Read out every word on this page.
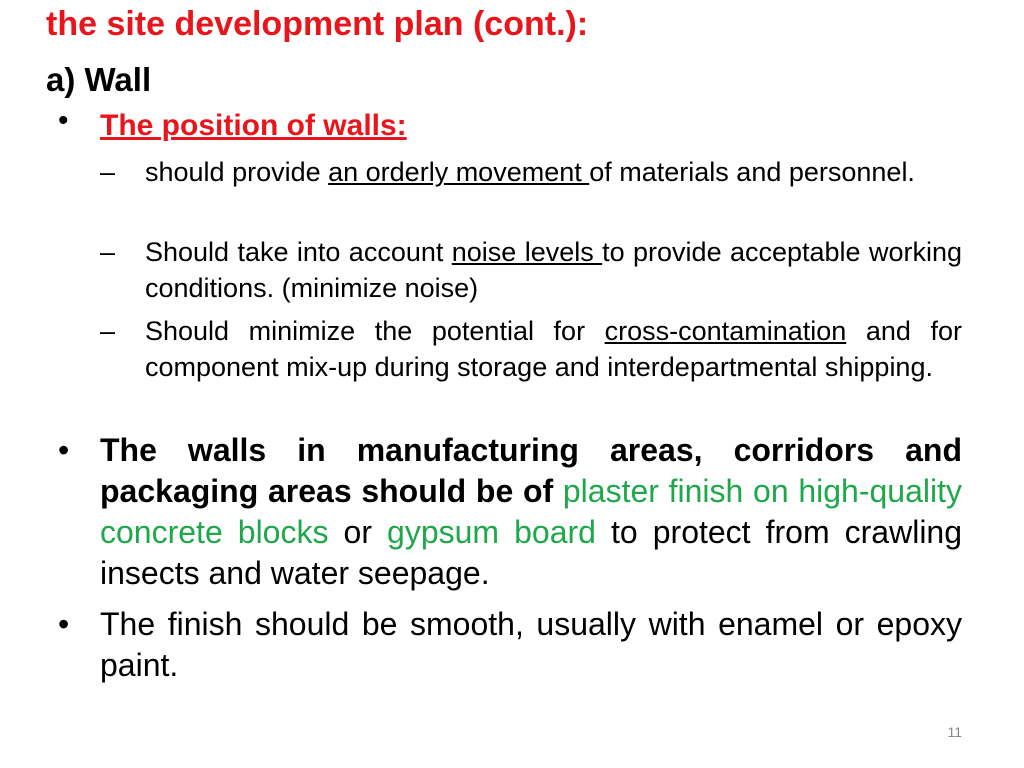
the site development plan (cont.):
a) Wall
• The position of walls:
– should provide an orderly movement of materials and personnel.
– Should take into account noise levels to provide acceptable working conditions. (minimize noise)
– Should minimize the potential for cross-contamination and for component mix-up during storage and interdepartmental shipping.
• The walls in manufacturing areas, corridors and packaging areas should be of plaster finish on high-quality concrete blocks or gypsum board to protect from crawling insects and water seepage.
• The finish should be smooth, usually with enamel or epoxy paint.
11
